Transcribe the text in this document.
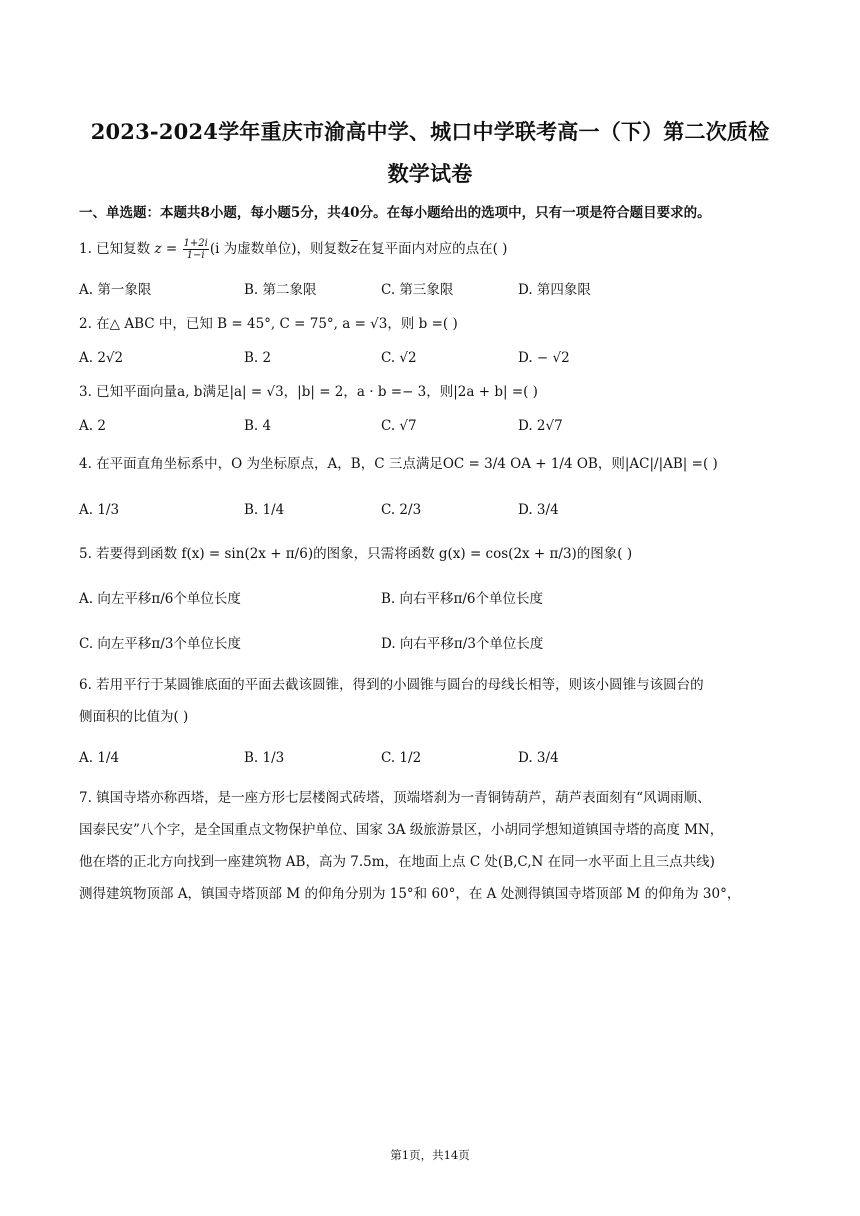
2023-2024学年重庆市渝高中学、城口中学联考高一（下）第二次质检
数学试卷
一、单选题：本题共8小题，每小题5分，共40分。在每小题给出的选项中，只有一项是符合题目要求的。
1. 已知复数 $z = \frac{1+2i}{1-i} (i$ 为虚数单位)，则复数$\overline{z}$在复平面内对应的点在( )
A. 第一象限	B. 第二象限	C. 第三象限	D. 第四象限
2. 在△ ABC 中，已知 B = 45°, C = 75°, a = √3，则 b =( )
A. 2√2	B. 2	C. √2	D. − √2
3. 已知平面向量a, b满足|a| = √3，|b| = 2，a · b =− 3，则|2a + b| =( )
A. 2	B. 4	C. √7	D. 2√7
4. 在平面直角坐标系中，O 为坐标原点，A，B，C 三点满足OC = 3/4 OA + 1/4 OB，则|AC|/|AB| =( )
A. 1/3	B. 1/4	C. 2/3	D. 3/4
5. 若要得到函数 f(x) = sin(2x + π/6)的图象，只需将函数 g(x) = cos(2x + π/3)的图象( )
A. 向左平移π/6个单位长度	B. 向右平移π/6个单位长度
C. 向左平移π/3个单位长度	D. 向右平移π/3个单位长度
6. 若用平行于某圆锥底面的平面去截该圆锥，得到的小圆锥与圆台的母线长相等，则该小圆锥与该圆台的
侧面积的比值为( )
A. 1/4	B. 1/3	C. 1/2	D. 3/4
7. 镇国寺塔亦称西塔，是一座方形七层楼阁式砖塔，顶端塔刹为一青铜铸葫芦，葫芦表面刻有“风调雨顺、
国泰民安”八个字，是全国重点文物保护单位、国家 3A 级旅游景区，小胡同学想知道镇国寺塔的高度 MN，
他在塔的正北方向找到一座建筑物 AB，高为 7.5m，在地面上点 C 处(B,C,N 在同一水平面上且三点共线)
测得建筑物顶部 A，镇国寺塔顶部 M 的仰角分别为 15°和 60°，在 A 处测得镇国寺塔顶部 M 的仰角为 30°，
第1页，共14页
